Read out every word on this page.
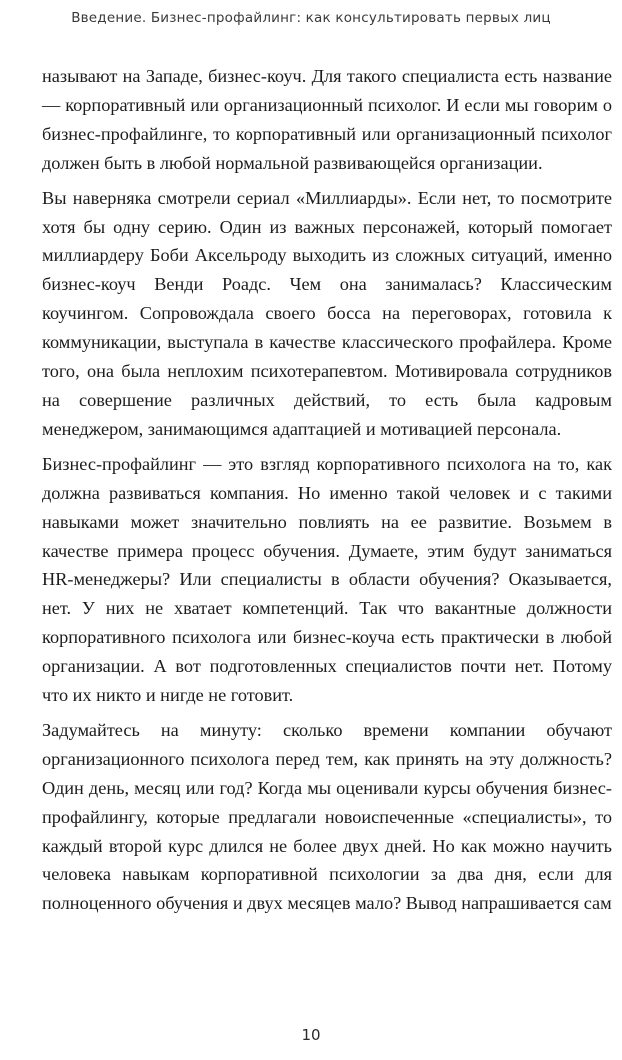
Введение. Бизнес-профайлинг: как консультировать первых лиц

называют на Западе, бизнес-коуч. Для такого специалиста есть название — корпоративный или организационный психолог. И если мы говорим о бизнес-профайлинге, то корпоративный или организационный психолог должен быть в любой нормальной развивающейся организации.

Вы наверняка смотрели сериал «Миллиарды». Если нет, то посмотрите хотя бы одну серию. Один из важных персонажей, который помогает миллиардеру Боби Аксельроду выходить из сложных ситуаций, именно бизнес-коуч Венди Роадс. Чем она занималась? Классическим коучингом. Сопровождала своего босса на переговорах, готовила к коммуникации, выступала в качестве классического профайлера. Кроме того, она была неплохим психотерапевтом. Мотивировала сотрудников на совершение различных действий, то есть была кадровым менеджером, занимающимся адаптацией и мотивацией персонала.

Бизнес-профайлинг — это взгляд корпоративного психолога на то, как должна развиваться компания. Но именно такой человек и с такими навыками может значительно повлиять на ее развитие. Возьмем в качестве примера процесс обучения. Думаете, этим будут заниматься HR-менеджеры? Или специалисты в области обучения? Оказывается, нет. У них не хватает компетенций. Так что вакантные должности корпоративного психолога или бизнес-коуча есть практически в любой организации. А вот подготовленных специалистов почти нет. Потому что их никто и нигде не готовит.

Задумайтесь на минуту: сколько времени компании обучают организационного психолога перед тем, как принять на эту должность? Один день, месяц или год? Когда мы оценивали курсы обучения бизнес-профайлингу, которые предлагали новоиспеченные «специалисты», то каждый второй курс длился не более двух дней. Но как можно научить человека навыкам корпоративной психологии за два дня, если для полноценного обучения и двух месяцев мало? Вывод напрашивается сам

10
